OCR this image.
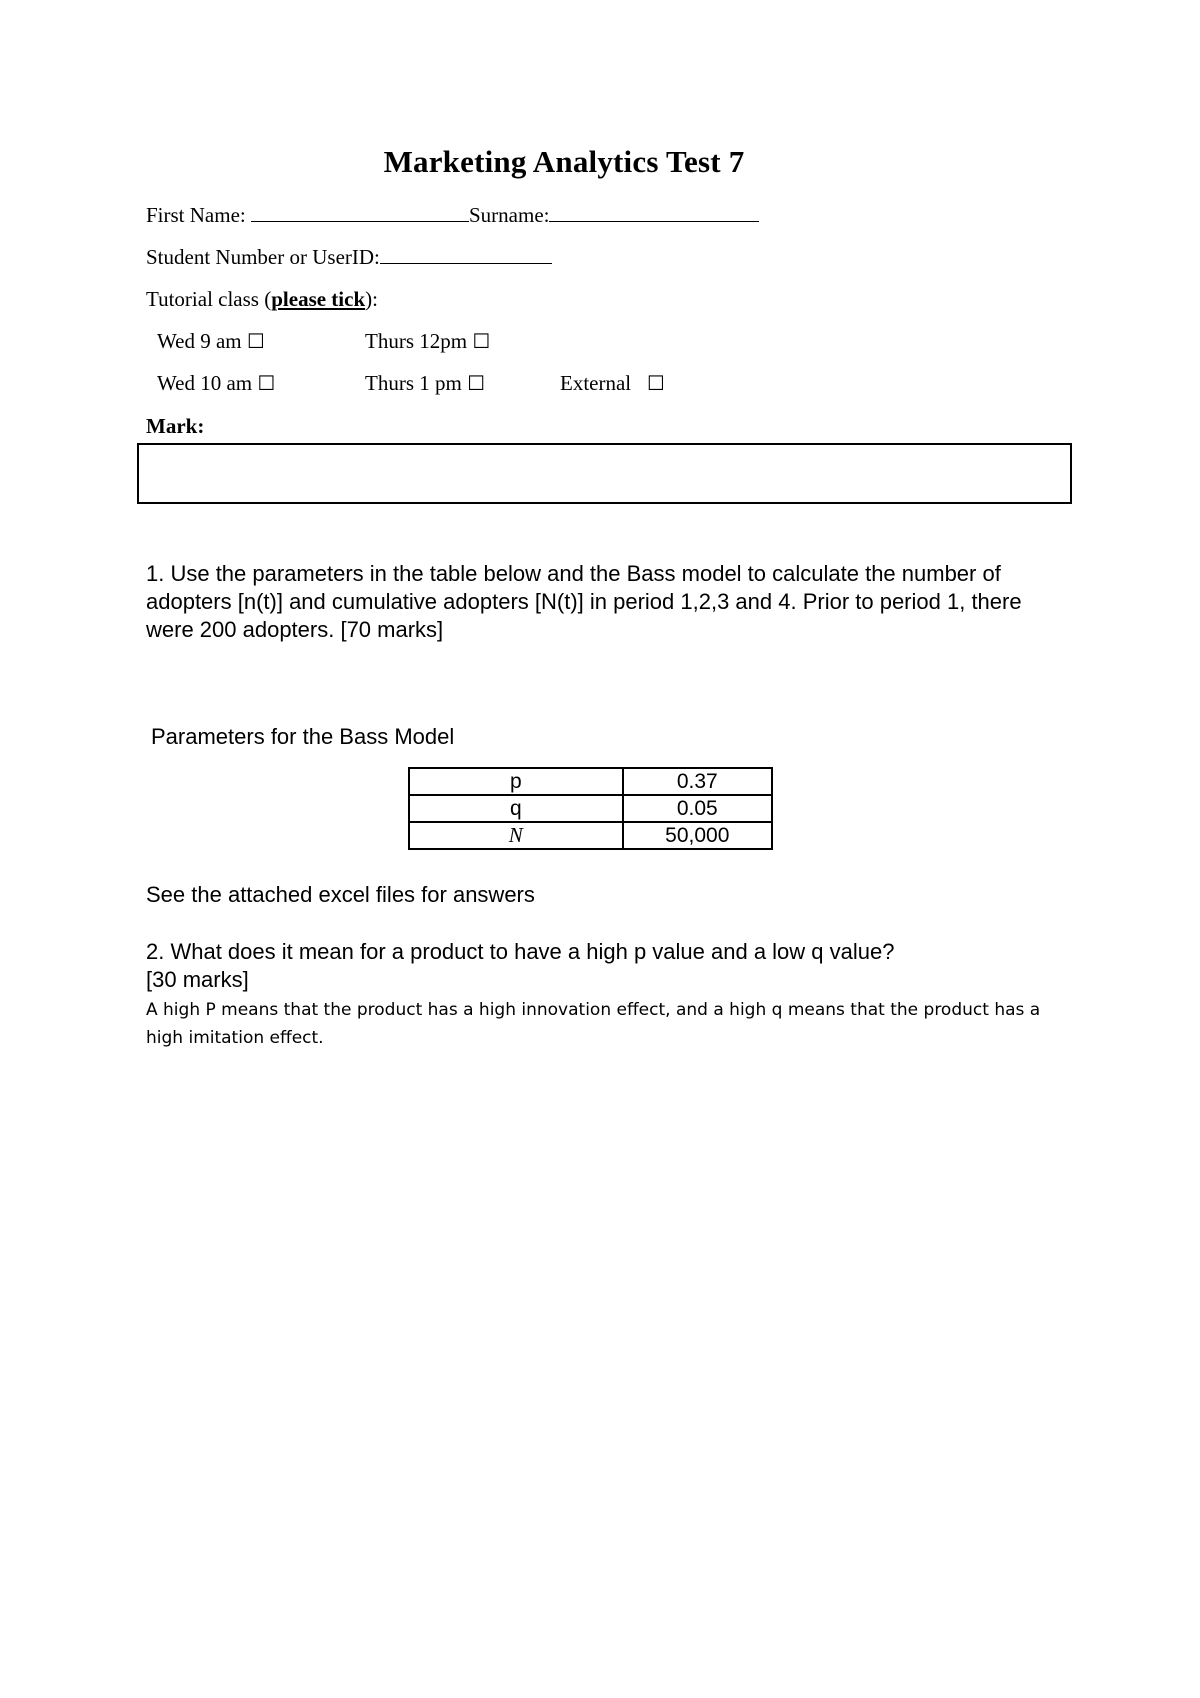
Marketing Analytics Test 7
First Name:	Surname:
Student Number or UserID:
Tutorial class (please tick):
Wed 9 am ☐	Thurs 12pm ☐
Wed 10 am ☐	Thurs 1 pm ☐	External   ☐
Mark:
1. Use the parameters in the table below and the Bass model to calculate the number of adopters [n(t)] and cumulative adopters [N(t)] in period 1,2,3 and 4. Prior to period 1, there were 200 adopters. [70 marks]
Parameters for the Bass Model
p	0.37
q	0.05
$\overline{N}$	50,000
See the attached excel files for answers
2. What does it mean for a product to have a high p value and a low q value?
[30 marks]
A high P means that the product has a high innovation effect, and a high q means that the product has a high imitation effect.
